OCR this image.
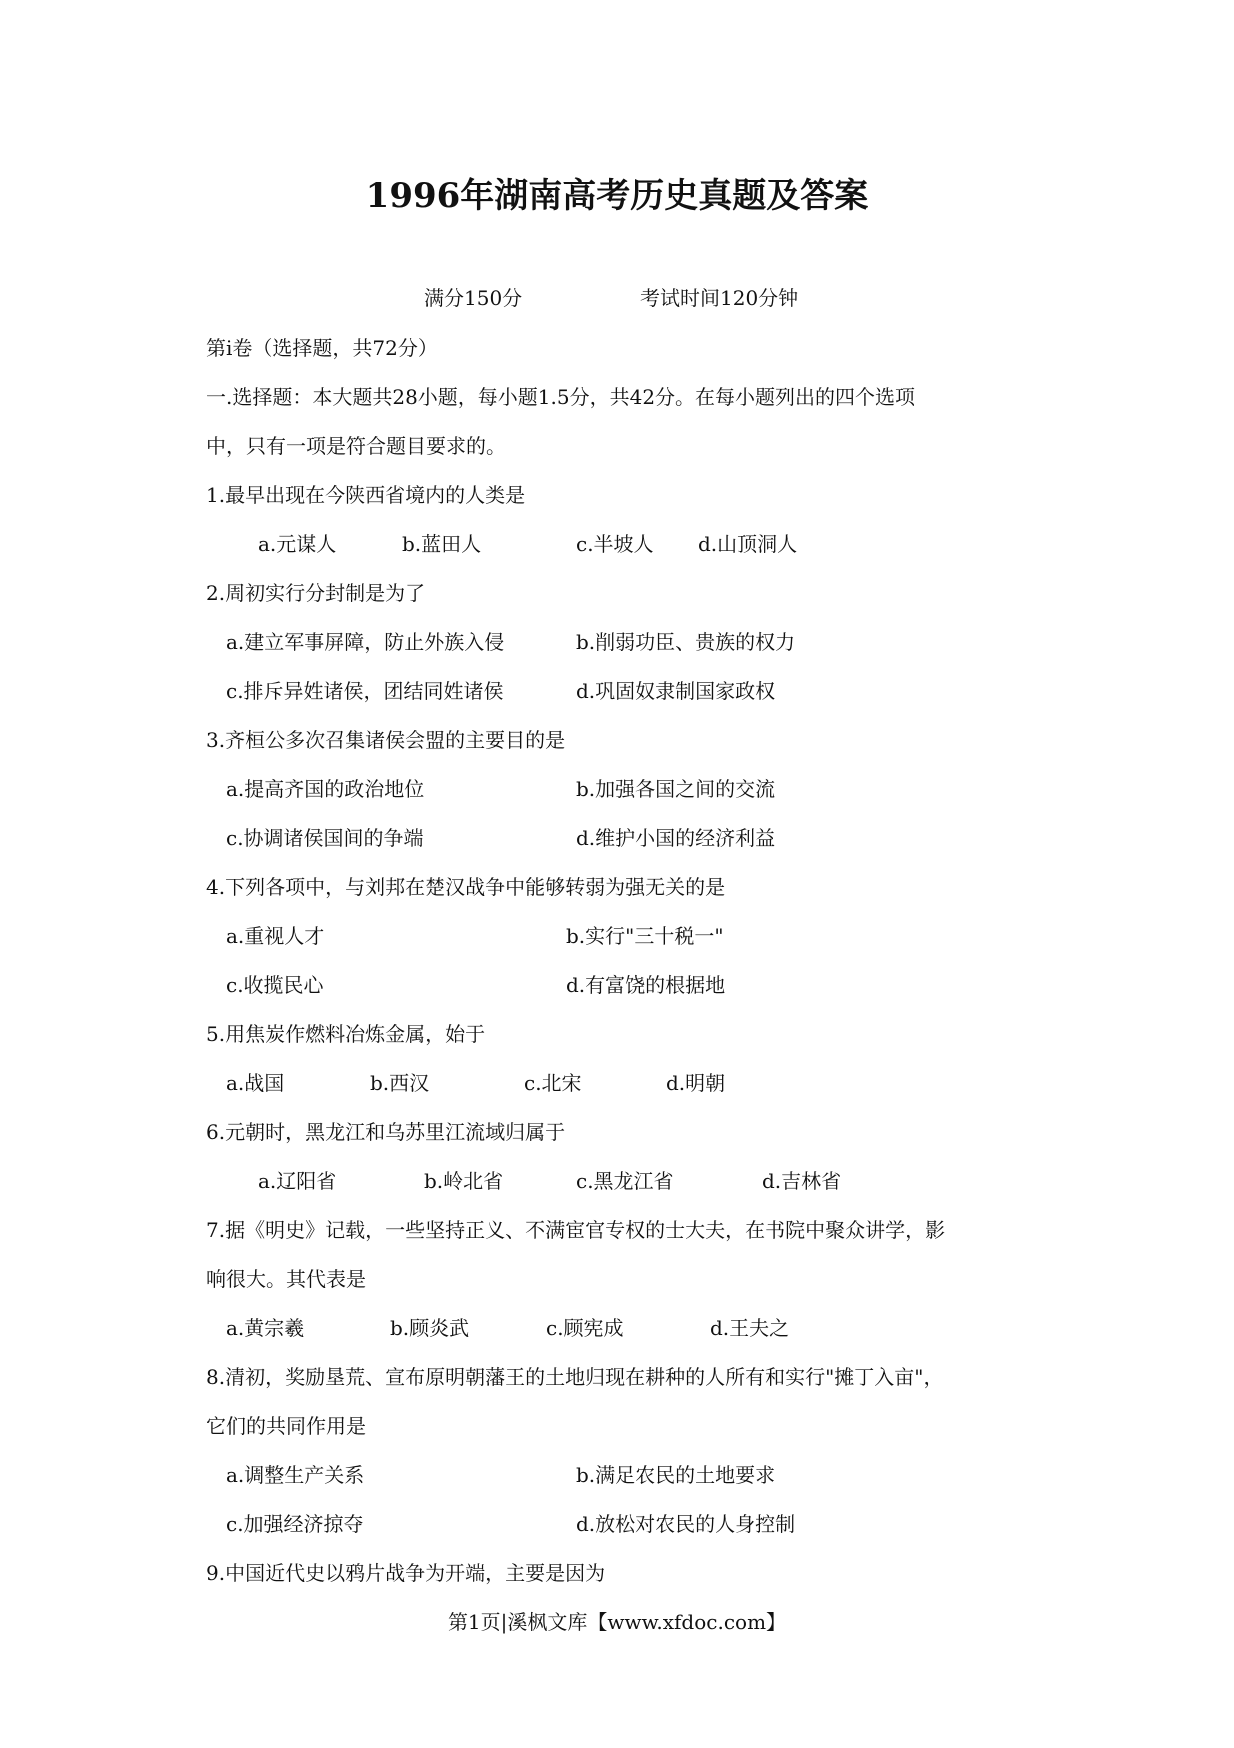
1996年湖南高考历史真题及答案
满分150分	考试时间120分钟
第ⅰ卷（选择题，共72分）
一.选择题：本大题共28小题，每小题1.5分，共42分。在每小题列出的四个选项
中，只有一项是符合题目要求的。
1.最早出现在今陕西省境内的人类是
a.元谋人	b.蓝田人	c.半坡人 d.山顶洞人
2.周初实行分封制是为了
a.建立军事屏障，防止外族入侵	b.削弱功臣、贵族的权力
c.排斥异姓诸侯，团结同姓诸侯	d.巩固奴隶制国家政权
3.齐桓公多次召集诸侯会盟的主要目的是
a.提高齐国的政治地位	b.加强各国之间的交流
c.协调诸侯国间的争端	d.维护小国的经济利益
4.下列各项中，与刘邦在楚汉战争中能够转弱为强无关的是
a.重视人才	b.实行"三十税一"
c.收揽民心	d.有富饶的根据地
5.用焦炭作燃料冶炼金属，始于
a.战国	b.西汉	c.北宋	d.明朝
6.元朝时，黑龙江和乌苏里江流域归属于
a.辽阳省	b.岭北省	c.黑龙江省	d.吉林省
7.据《明史》记载，一些坚持正义、不满宦官专权的士大夫，在书院中聚众讲学，影
响很大。其代表是
a.黄宗羲	b.顾炎武	c.顾宪成	d.王夫之
8.清初，奖励垦荒、宣布原明朝藩王的土地归现在耕种的人所有和实行"摊丁入亩"，
它们的共同作用是
a.调整生产关系	b.满足农民的土地要求
c.加强经济掠夺	d.放松对农民的人身控制
9.中国近代史以鸦片战争为开端，主要是因为
第1页|溪枫文库【www.xfdoc.com】
